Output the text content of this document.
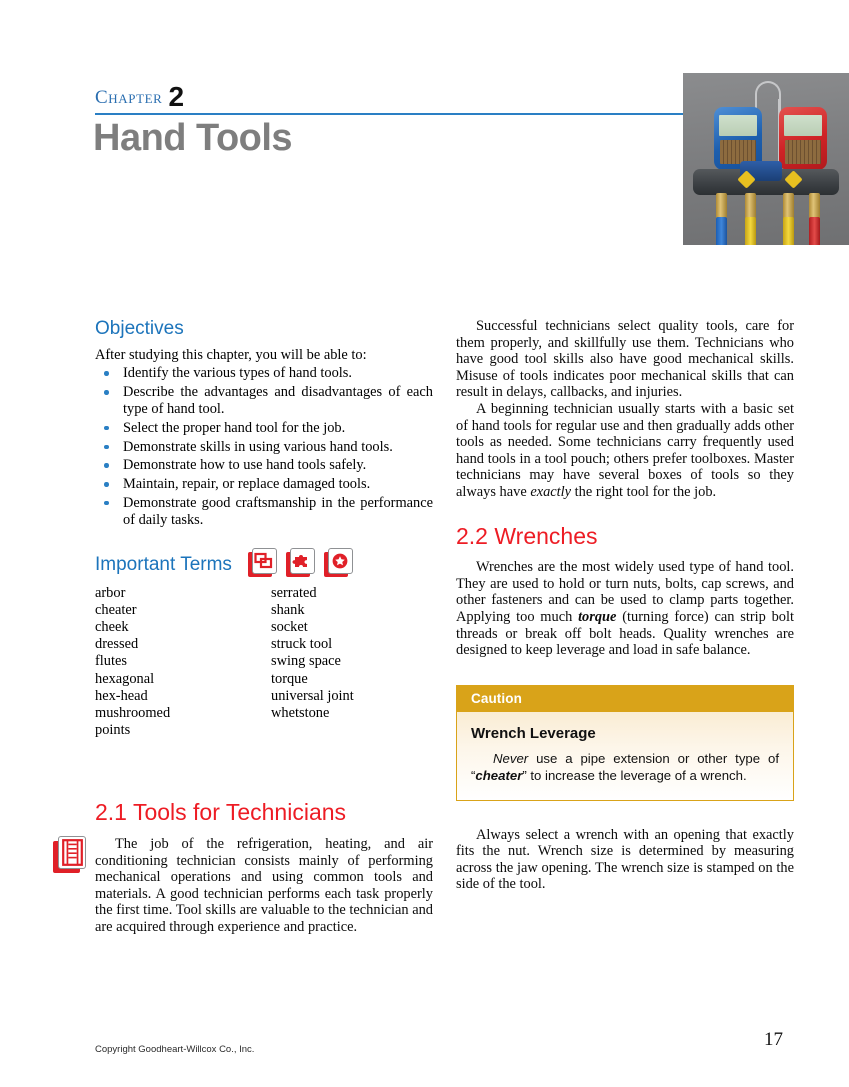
Chapter 2
Hand Tools
Objectives

After studying this chapter, you will be able to:

Identify the various types of hand tools.
Describe the advantages and disadvantages of each type of hand tool.
Select the proper hand tool for the job.
Demonstrate skills in using various hand tools.
Demonstrate how to use hand tools safely.
Maintain, repair, or replace damaged tools.
Demonstrate good craftsmanship in the performance of daily tasks.
Important Terms
arbor
cheater
cheek
dressed
flutes
hexagonal
hex-head
mushroomed
points
serrated
shank
socket
struck tool
swing space
torque
universal joint
whetstone
2.1 Tools for Technicians

The job of the refrigeration, heating, and air conditioning technician consists mainly of performing mechanical operations and using common tools and materials. A good technician performs each task properly the first time. Tool skills are valuable to the technician and are acquired through experience and practice.

Successful technicians select quality tools, care for them properly, and skillfully use them. Technicians who have good tool skills also have good mechanical skills. Misuse of tools indicates poor mechanical skills that can result in delays, callbacks, and injuries.

A beginning technician usually starts with a basic set of hand tools for regular use and then gradually adds other tools as needed. Some technicians carry frequently used hand tools in a tool pouch; others prefer toolboxes. Master technicians may have several boxes of tools so they always have exactly the right tool for the job.

2.2 Wrenches

Wrenches are the most widely used type of hand tool. They are used to hold or turn nuts, bolts, cap screws, and other fasteners and can be used to clamp parts together. Applying too much torque (turning force) can strip bolt threads or break off bolt heads. Quality wrenches are designed to keep leverage and load in safe balance.

Caution

Wrench Leverage

Never use a pipe extension or other type of “cheater” to increase the leverage of a wrench.

Always select a wrench with an opening that exactly fits the nut. Wrench size is determined by measuring across the jaw opening. The wrench size is stamped on the side of the tool.

Copyright Goodheart-Willcox Co., Inc.	17
